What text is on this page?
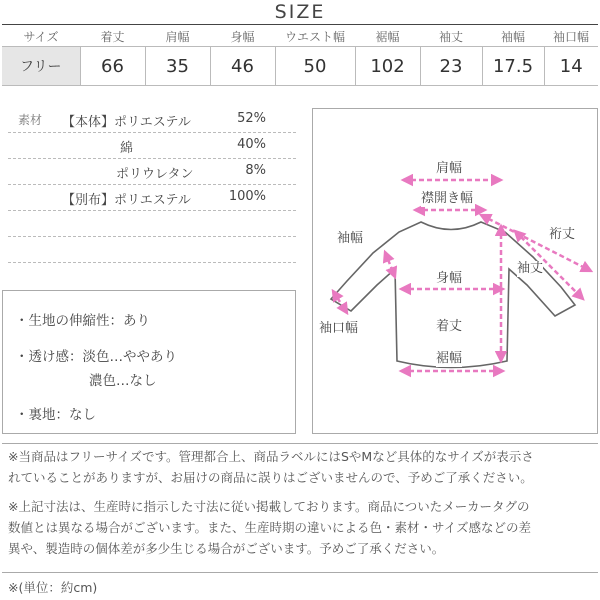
SIZE
サイズ	着丈	肩幅	身幅	ウエスト幅	裾幅	袖丈	袖幅	袖口幅
フリー	66	35	46	50	102	23	17.5	14
素材 【本体】ポリエステル	52%
綿	40%
ポリウレタン	8%
【別布】ポリエステル	100%
・生地の伸縮性：あり
・透け感：淡色…ややあり
濃色…なし
・裏地：なし
肩幅
襟開き幅
袖幅	裄丈
袖丈
身幅
袖口幅	着丈
裾幅
※当商品はフリーサイズです。管理都合上、商品ラベルにはSやMなど具体的なサイズが表示さ
れていることがありますが、お届けの商品に誤りはございませんので、予めご了承ください。
※上記寸法は、生産時に指示した寸法に従い掲載しております。商品についたメーカータグの
数値とは異なる場合がございます。また、生産時期の違いによる色・素材・サイズ感などの差
異や、製造時の個体差が多少生じる場合がございます。予めご了承ください。
※(単位：約cm)
